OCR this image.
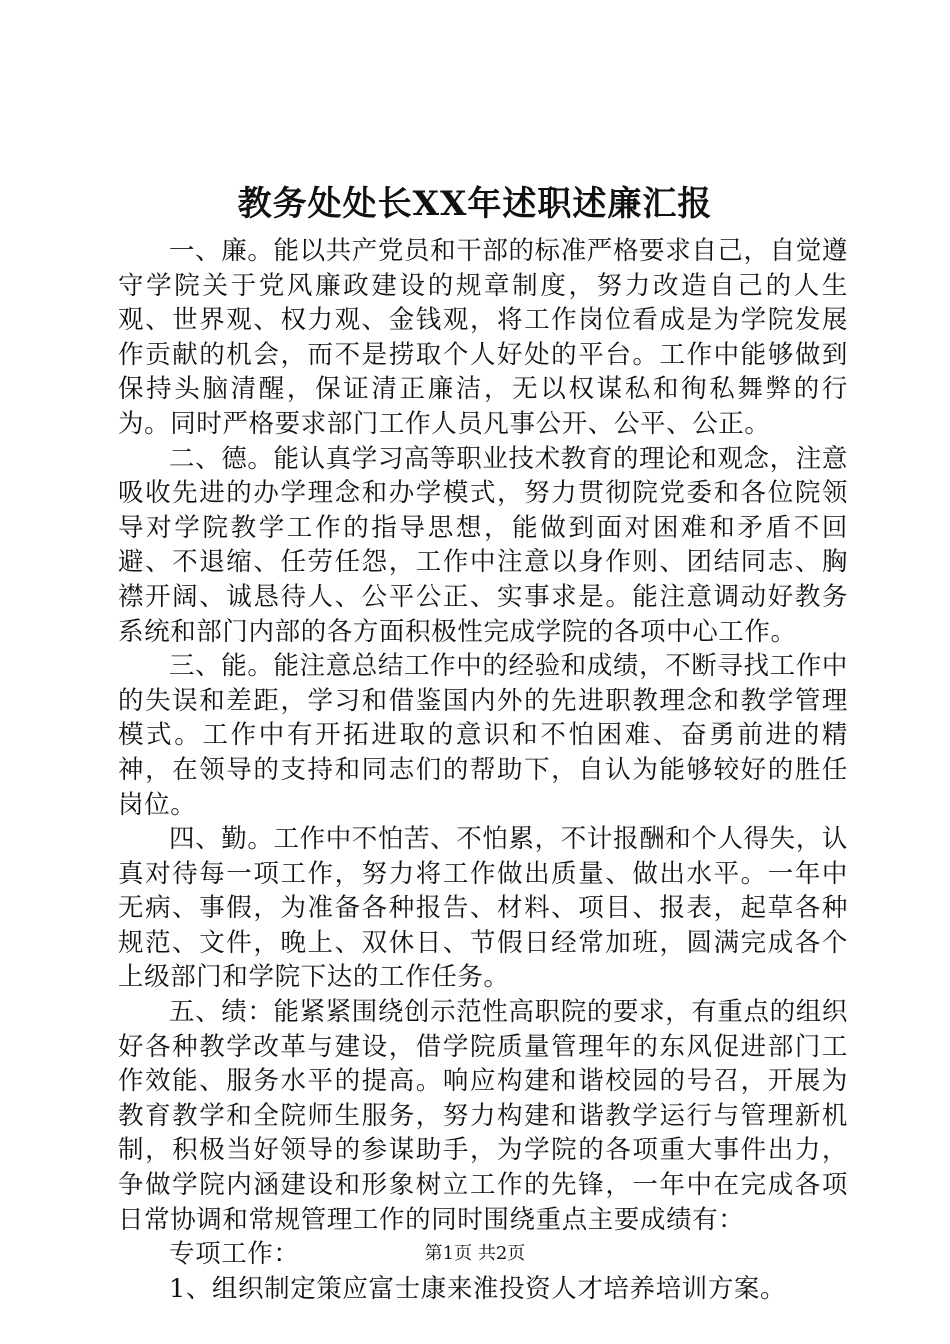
教务处处长XX年述职述廉汇报

一、廉。能以共产党员和干部的标准严格要求自己，自觉遵守学院关于党风廉政建设的规章制度，努力改造自己的人生观、世界观、权力观、金钱观，将工作岗位看成是为学院发展作贡献的机会，而不是捞取个人好处的平台。工作中能够做到保持头脑清醒，保证清正廉洁，无以权谋私和徇私舞弊的行为。同时严格要求部门工作人员凡事公开、公平、公正。

二、德。能认真学习高等职业技术教育的理论和观念，注意吸收先进的办学理念和办学模式，努力贯彻院党委和各位院领导对学院教学工作的指导思想，能做到面对困难和矛盾不回避、不退缩、任劳任怨，工作中注意以身作则、团结同志、胸襟开阔、诚恳待人、公平公正、实事求是。能注意调动好教务系统和部门内部的各方面积极性完成学院的各项中心工作。

三、能。能注意总结工作中的经验和成绩，不断寻找工作中的失误和差距，学习和借鉴国内外的先进职教理念和教学管理模式。工作中有开拓进取的意识和不怕困难、奋勇前进的精神，在领导的支持和同志们的帮助下，自认为能够较好的胜任岗位。

四、勤。工作中不怕苦、不怕累，不计报酬和个人得失，认真对待每一项工作，努力将工作做出质量、做出水平。一年中无病、事假，为准备各种报告、材料、项目、报表，起草各种规范、文件，晚上、双休日、节假日经常加班，圆满完成各个上级部门和学院下达的工作任务。

五、绩：能紧紧围绕创示范性高职院的要求，有重点的组织好各种教学改革与建设，借学院质量管理年的东风促进部门工作效能、服务水平的提高。响应构建和谐校园的号召，开展为教育教学和全院师生服务，努力构建和谐教学运行与管理新机制，积极当好领导的参谋助手，为学院的各项重大事件出力，争做学院内涵建设和形象树立工作的先锋，一年中在完成各项日常协调和常规管理工作的同时围绕重点主要成绩有：

专项工作：

1、组织制定策应富士康来淮投资人才培养培训方案。

第1页 共2页
